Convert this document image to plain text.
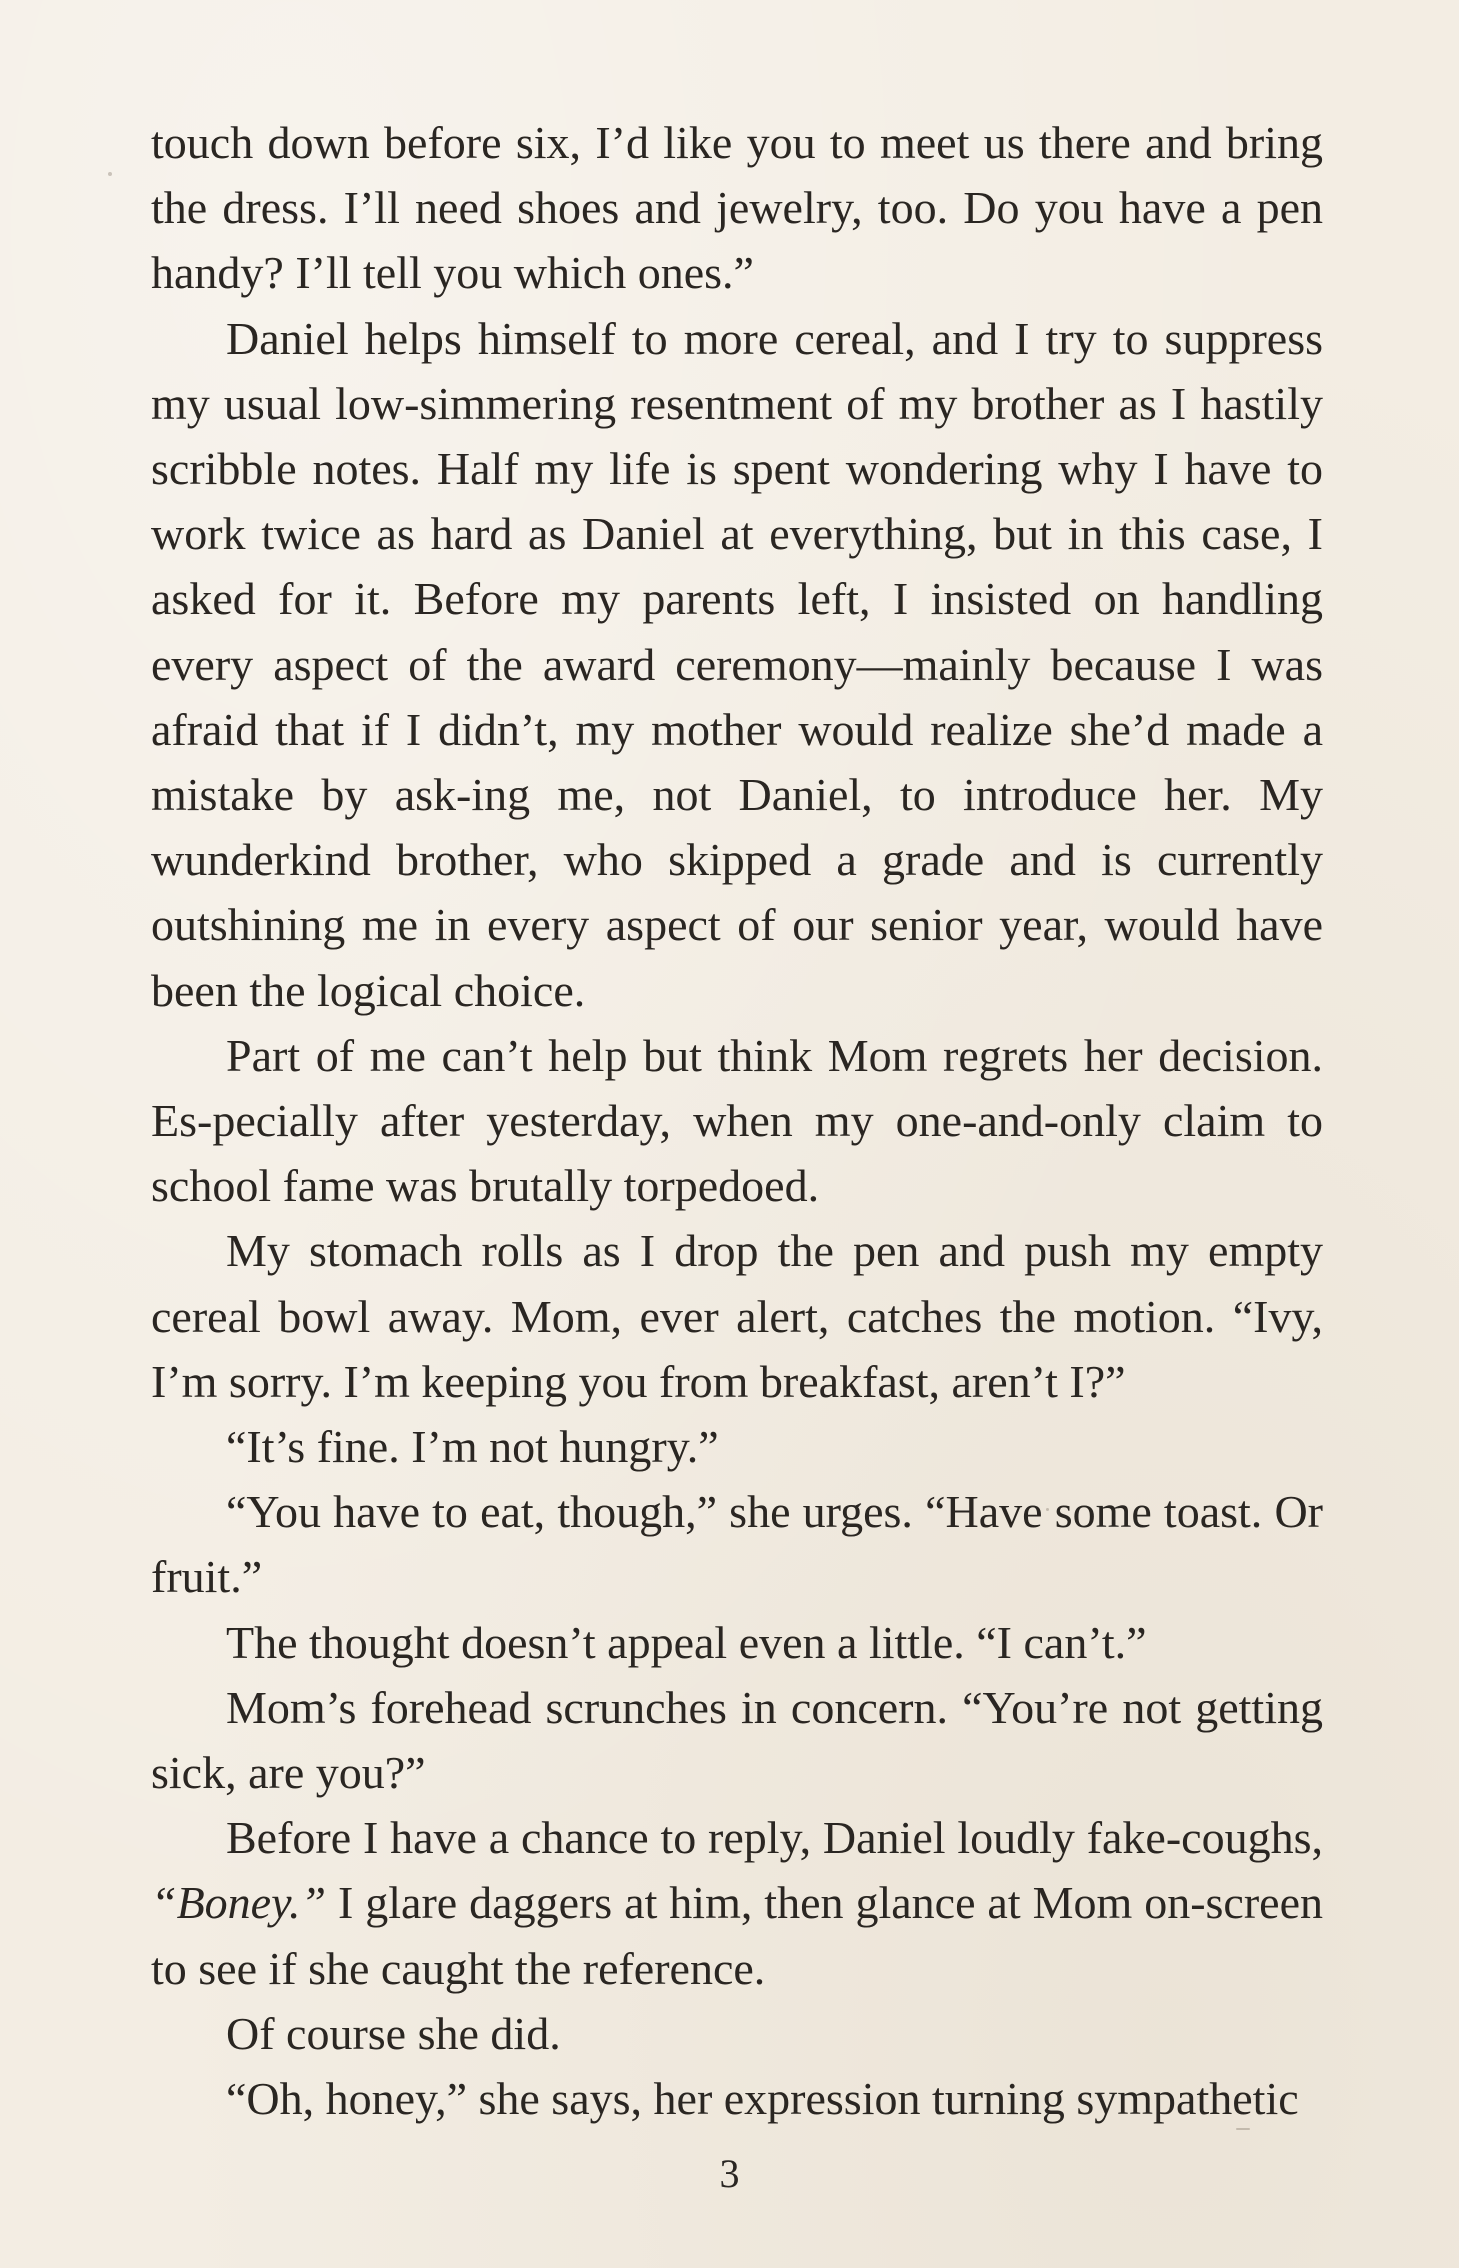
touch down before six, I’d like you to meet us there and bring the dress. I’ll need shoes and jewelry, too. Do you have a pen handy? I’ll tell you which ones.”

Daniel helps himself to more cereal, and I try to suppress my usual low-simmering resentment of my brother as I hastily scribble notes. Half my life is spent wondering why I have to work twice as hard as Daniel at everything, but in this case, I asked for it. Before my parents left, I insisted on handling every aspect of the award ceremony—mainly because I was afraid that if I didn’t, my mother would realize she’d made a mistake by ask-ing me, not Daniel, to introduce her. My wunderkind brother, who skipped a grade and is currently outshining me in every aspect of our senior year, would have been the logical choice.

Part of me can’t help but think Mom regrets her decision. Es-pecially after yesterday, when my one-and-only claim to school fame was brutally torpedoed.

My stomach rolls as I drop the pen and push my empty cereal bowl away. Mom, ever alert, catches the motion. “Ivy, I’m sorry. I’m keeping you from breakfast, aren’t I?”

“It’s fine. I’m not hungry.”

“You have to eat, though,” she urges. “Have some toast. Or fruit.”

The thought doesn’t appeal even a little. “I can’t.”

Mom’s forehead scrunches in concern. “You’re not getting sick, are you?”

Before I have a chance to reply, Daniel loudly fake-coughs, “Boney.” I glare daggers at him, then glance at Mom on-screen to see if she caught the reference.

Of course she did.

“Oh, honey,” she says, her expression turning sympathetic

3
